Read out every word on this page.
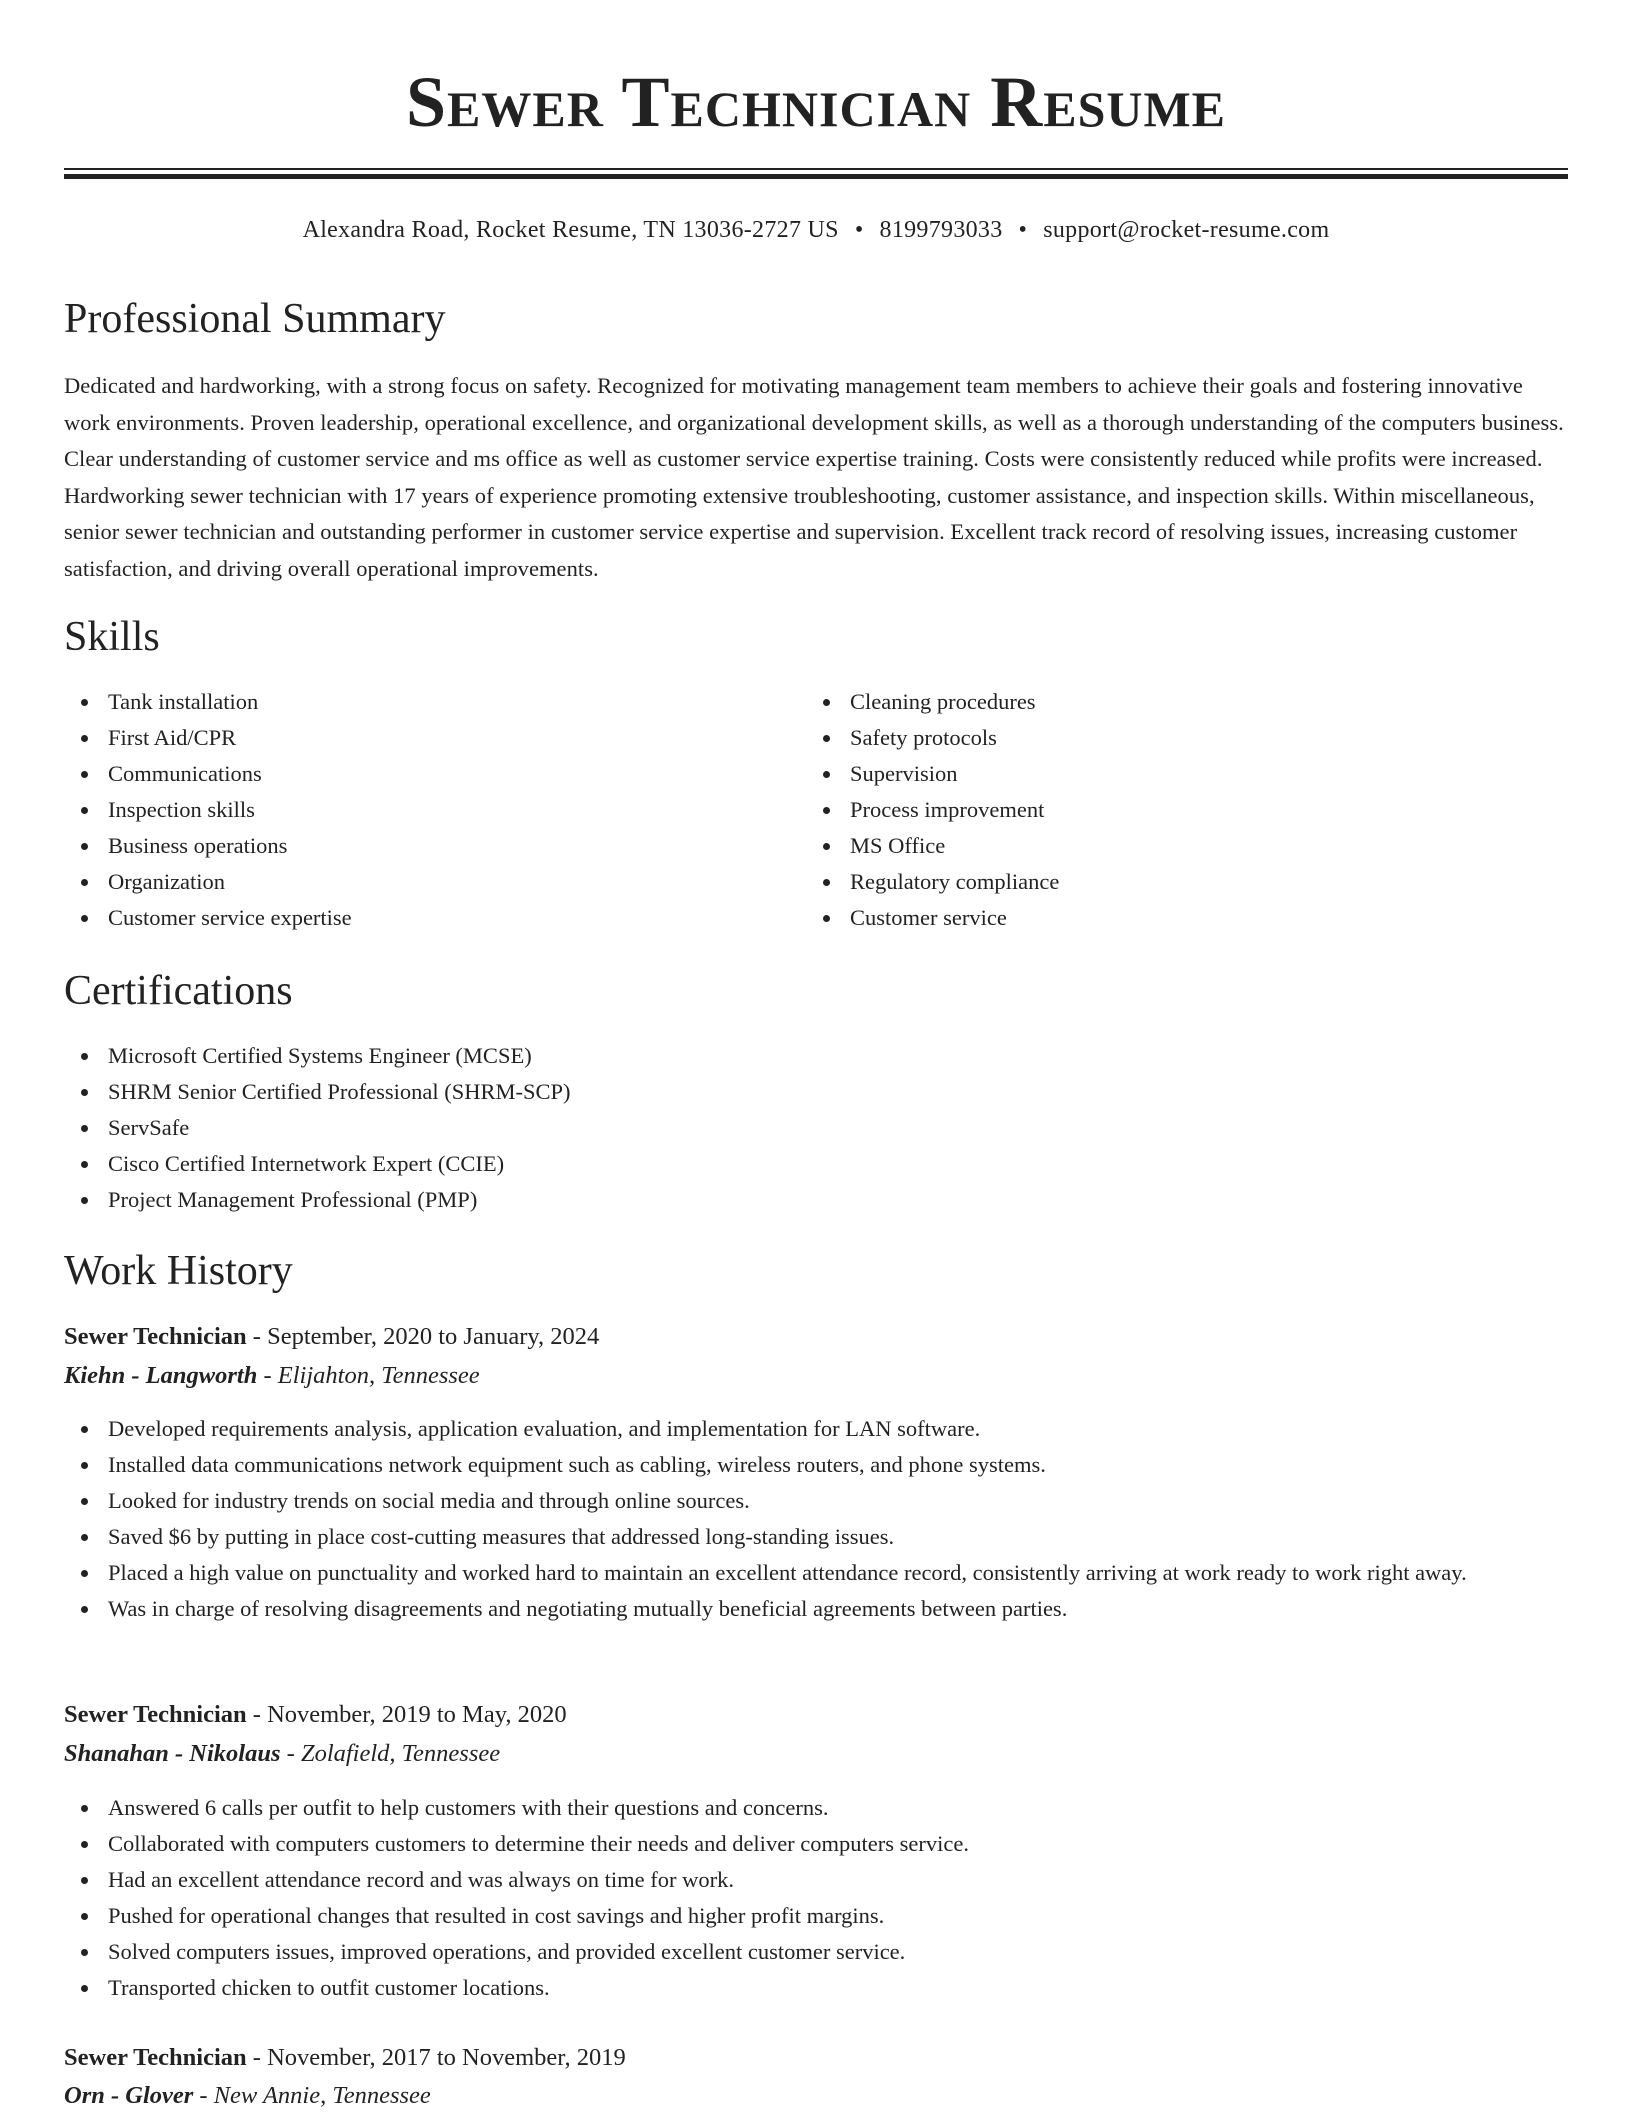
Sewer Technician Resume
Alexandra Road, Rocket Resume, TN 13036-2727 US • 8199793033 • support@rocket-resume.com
Professional Summary

Dedicated and hardworking, with a strong focus on safety. Recognized for motivating management team members to achieve their goals and fostering innovative work environments. Proven leadership, operational excellence, and organizational development skills, as well as a thorough understanding of the computers business. Clear understanding of customer service and ms office as well as customer service expertise training. Costs were consistently reduced while profits were increased. Hardworking sewer technician with 17 years of experience promoting extensive troubleshooting, customer assistance, and inspection skills. Within miscellaneous, senior sewer technician and outstanding performer in customer service expertise and supervision. Excellent track record of resolving issues, increasing customer satisfaction, and driving overall operational improvements.

Skills
Tank installation
First Aid/CPR
Communications
Inspection skills
Business operations
Organization
Customer service expertise
Cleaning procedures
Safety protocols
Supervision
Process improvement
MS Office
Regulatory compliance
Customer service
Certifications
Microsoft Certified Systems Engineer (MCSE)
SHRM Senior Certified Professional (SHRM-SCP)
ServSafe
Cisco Certified Internetwork Expert (CCIE)
Project Management Professional (PMP)
Work History
Sewer Technician - September, 2020 to January, 2024
Kiehn - Langworth - Elijahton, Tennessee
Developed requirements analysis, application evaluation, and implementation for LAN software.
Installed data communications network equipment such as cabling, wireless routers, and phone systems.
Looked for industry trends on social media and through online sources.
Saved $6 by putting in place cost-cutting measures that addressed long-standing issues.
Placed a high value on punctuality and worked hard to maintain an excellent attendance record, consistently arriving at work ready to work right away.
Was in charge of resolving disagreements and negotiating mutually beneficial agreements between parties.
Sewer Technician - November, 2019 to May, 2020
Shanahan - Nikolaus - Zolafield, Tennessee
Answered 6 calls per outfit to help customers with their questions and concerns.
Collaborated with computers customers to determine their needs and deliver computers service.
Had an excellent attendance record and was always on time for work.
Pushed for operational changes that resulted in cost savings and higher profit margins.
Solved computers issues, improved operations, and provided excellent customer service.
Transported chicken to outfit customer locations.
Sewer Technician - November, 2017 to November, 2019
Orn - Glover - New Annie, Tennessee
